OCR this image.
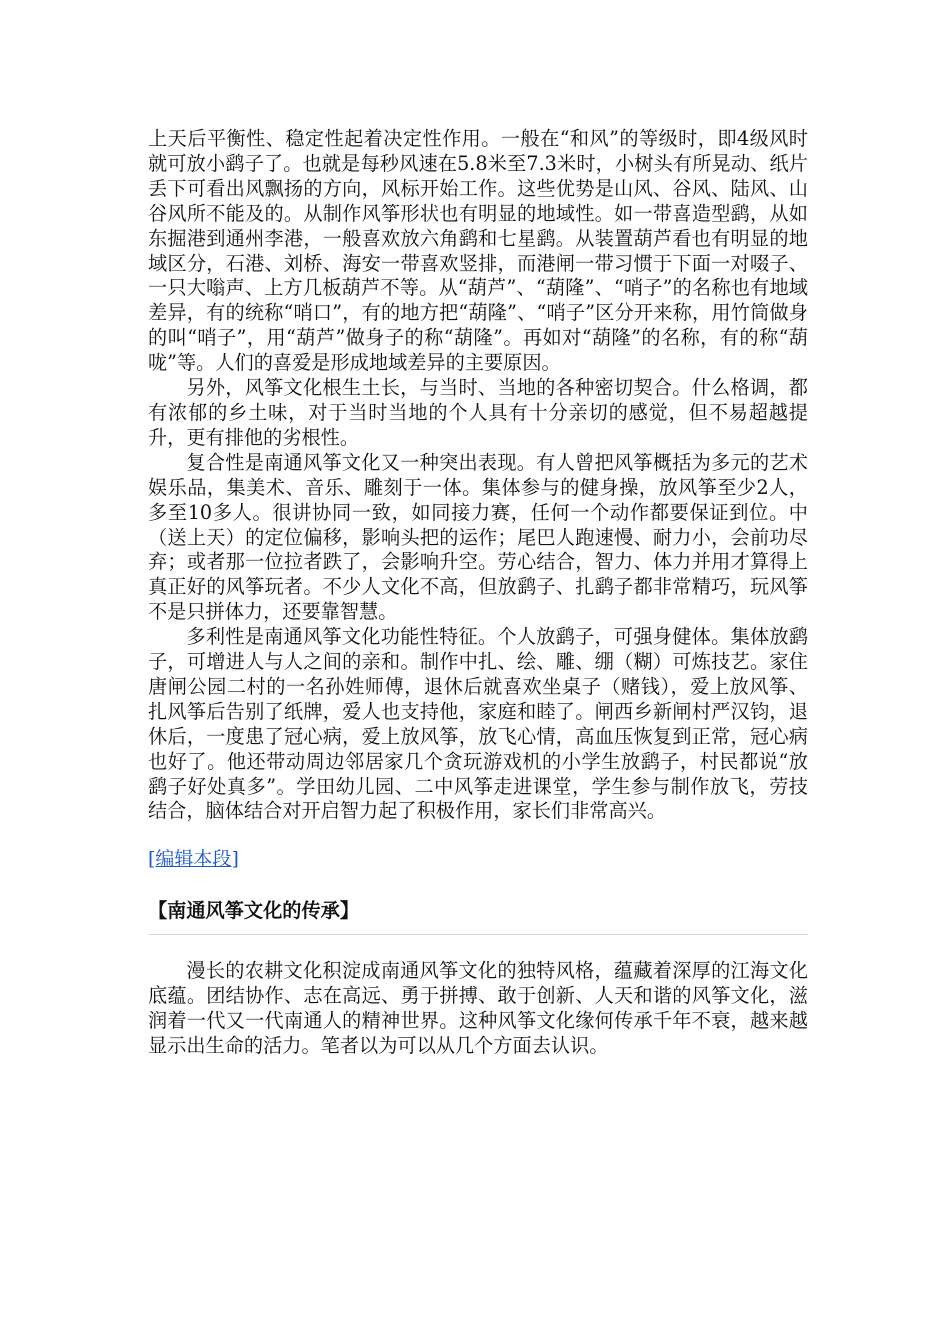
上天后平衡性、稳定性起着决定性作用。一般在“和风”的等级时，即4级风时就可放小鹞子了。也就是每秒风速在5.8米至7.3米时，小树头有所晃动、纸片丢下可看出风飘扬的方向，风标开始工作。这些优势是山风、谷风、陆风、山谷风所不能及的。从制作风筝形状也有明显的地域性。如一带喜造型鹞，从如东掘港到通州李港，一般喜欢放六角鹞和七星鹞。从装置葫芦看也有明显的地域区分，石港、刘桥、海安一带喜欢竖排，而港闸一带习惯于下面一对啜子、一只大嗡声、上方几板葫芦不等。从“葫芦”、“葫隆”、“哨子”的名称也有地域差异，有的统称“哨口”，有的地方把“葫隆”、“哨子”区分开来称，用竹筒做身的叫“哨子”，用“葫芦”做身子的称“葫隆”。再如对“葫隆”的名称，有的称“葫咙”等。人们的喜爱是形成地域差异的主要原因。

另外，风筝文化根生土长，与当时、当地的各种密切契合。什么格调，都有浓郁的乡土味，对于当时当地的个人具有十分亲切的感觉，但不易超越提升，更有排他的劣根性。

复合性是南通风筝文化又一种突出表现。有人曾把风筝概括为多元的艺术娱乐品，集美术、音乐、雕刻于一体。集体参与的健身操，放风筝至少2人，多至10多人。很讲协同一致，如同接力赛，任何一个动作都要保证到位。中（送上天）的定位偏移，影响头把的运作；尾巴人跑速慢、耐力小，会前功尽弃；或者那一位拉者跌了，会影响升空。劳心结合，智力、体力并用才算得上真正好的风筝玩者。不少人文化不高，但放鹞子、扎鹞子都非常精巧，玩风筝不是只拼体力，还要靠智慧。

多利性是南通风筝文化功能性特征。个人放鹞子，可强身健体。集体放鹞子，可增进人与人之间的亲和。制作中扎、绘、雕、绷（糊）可炼技艺。家住唐闸公园二村的一名孙姓师傅，退休后就喜欢坐桌子（赌钱），爱上放风筝、扎风筝后告别了纸牌，爱人也支持他，家庭和睦了。闸西乡新闸村严汉钧，退休后，一度患了冠心病，爱上放风筝，放飞心情，高血压恢复到正常，冠心病也好了。他还带动周边邻居家几个贪玩游戏机的小学生放鹞子，村民都说“放鹞子好处真多”。学田幼儿园、二中风筝走进课堂，学生参与制作放飞，劳技结合，脑体结合对开启智力起了积极作用，家长们非常高兴。

[编辑本段]
【南通风筝文化的传承】

漫长的农耕文化积淀成南通风筝文化的独特风格，蕴藏着深厚的江海文化底蕴。团结协作、志在高远、勇于拼搏、敢于创新、人天和谐的风筝文化，滋润着一代又一代南通人的精神世界。这种风筝文化缘何传承千年不衰，越来越显示出生命的活力。笔者以为可以从几个方面去认识。
